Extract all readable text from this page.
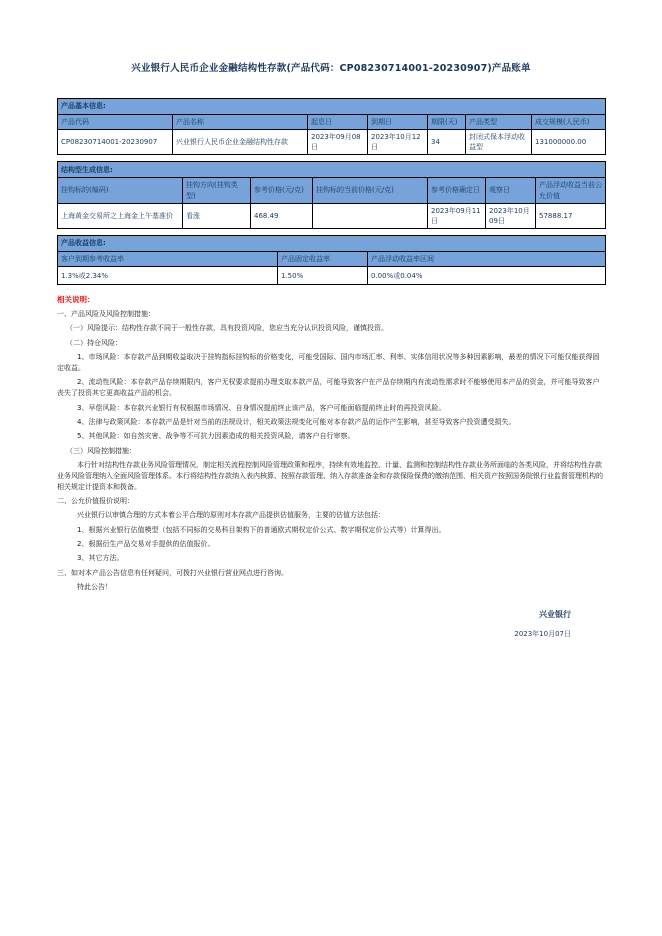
兴业银行人民币企业金融结构性存款(产品代码：CP08230714001-20230907)产品账单
产品基本信息:						
产品代码	产品名称	起息日	到期日	期限(天)	产品类型	成交规模(人民币)
CP08230714001-20230907	兴业银行人民币企业金融结构性存款	2023年09月08日	2023年10月12日	34	封闭式保本浮动收益型	131000000.00
结构型生成信息:						
挂钩标的(编码)	挂钩方向(挂钩类型)	参考价格(元/克)	挂钩标的当前价格(元/克)	参考价格确定日	观察日	产品浮动收益当前公允价值
上海黄金交易所之上海金上午基准价	看涨	468.49		2023年09月11日	2023年10月09日	57888.17
产品收益信息:		
客户到期参考收益率	产品固定收益率	产品浮动收益率区间
1.3%或2.34%	1.50%	0.00%或0.04%
相关说明：

一、产品风险及风险控制措施：

（一）风险提示：结构性存款不同于一般性存款，具有投资风险，您应当充分认识投资风险，谨慎投资。

（二）持仓风险：

1、市场风险：本存款产品到期收益取决于挂钩指标挂钩标的价格变化，可能受国际、国内市场汇率、利率、实体信用状况等多种因素影响，最差的情况下可能仅能获得固定收益。

2、流动性风险：本存款产品存续期限内，客户无权要求提前办理支取本款产品，可能导致客户在产品存续期内有流动性需求时不能够使用本产品的资金，并可能导致客户丧失了投资其它更高收益产品的机会。

3、早偿风险：本存款兴业银行有权根据市场情况、自身情况提前终止该产品，客户可能面临提前终止时的再投资风险。

4、法律与政策风险：本存款产品是针对当前的法规设计，相关政策法规变化可能对本存款产品的运作产生影响，甚至导致客户投资遭受损失。

5、其他风险：如自然灾害、战争等不可抗力因素造成的相关投资风险，请客户自行审察。

（三）风险控制措施：

本行针对结构性存款业务风险管理情况，制定相关流程控制风险管理政策和程序，持续有效地监控、计量、监测和控制结构性存款业务所面临的各类风险，并将结构性存款业务风险管理纳入全面风险管理体系。本行将结构性存款纳入表内核算、按照存款管理、纳入存款准备金和存款保险保费的缴纳范围、相关资产按照国务院银行业监督管理机构的相关规定计提资本和拨备。

二、公允价值报价说明：

兴业银行以审慎合理的方式本着公平合理的原则对本存款产品提供估值服务，主要的估值方法包括：

1、根据兴业银行估值模型（包括不同标的交易科目架构下的普通欧式期权定价公式、数字期权定价公式等）计算得出。

2、根据衍生产品交易对手提供的估值报价。

3、其它方法。

三、如对本产品公告信息有任何疑问，可拨打兴业银行营业网点进行咨询。

特此公告！

兴业银行
2023年10月07日
